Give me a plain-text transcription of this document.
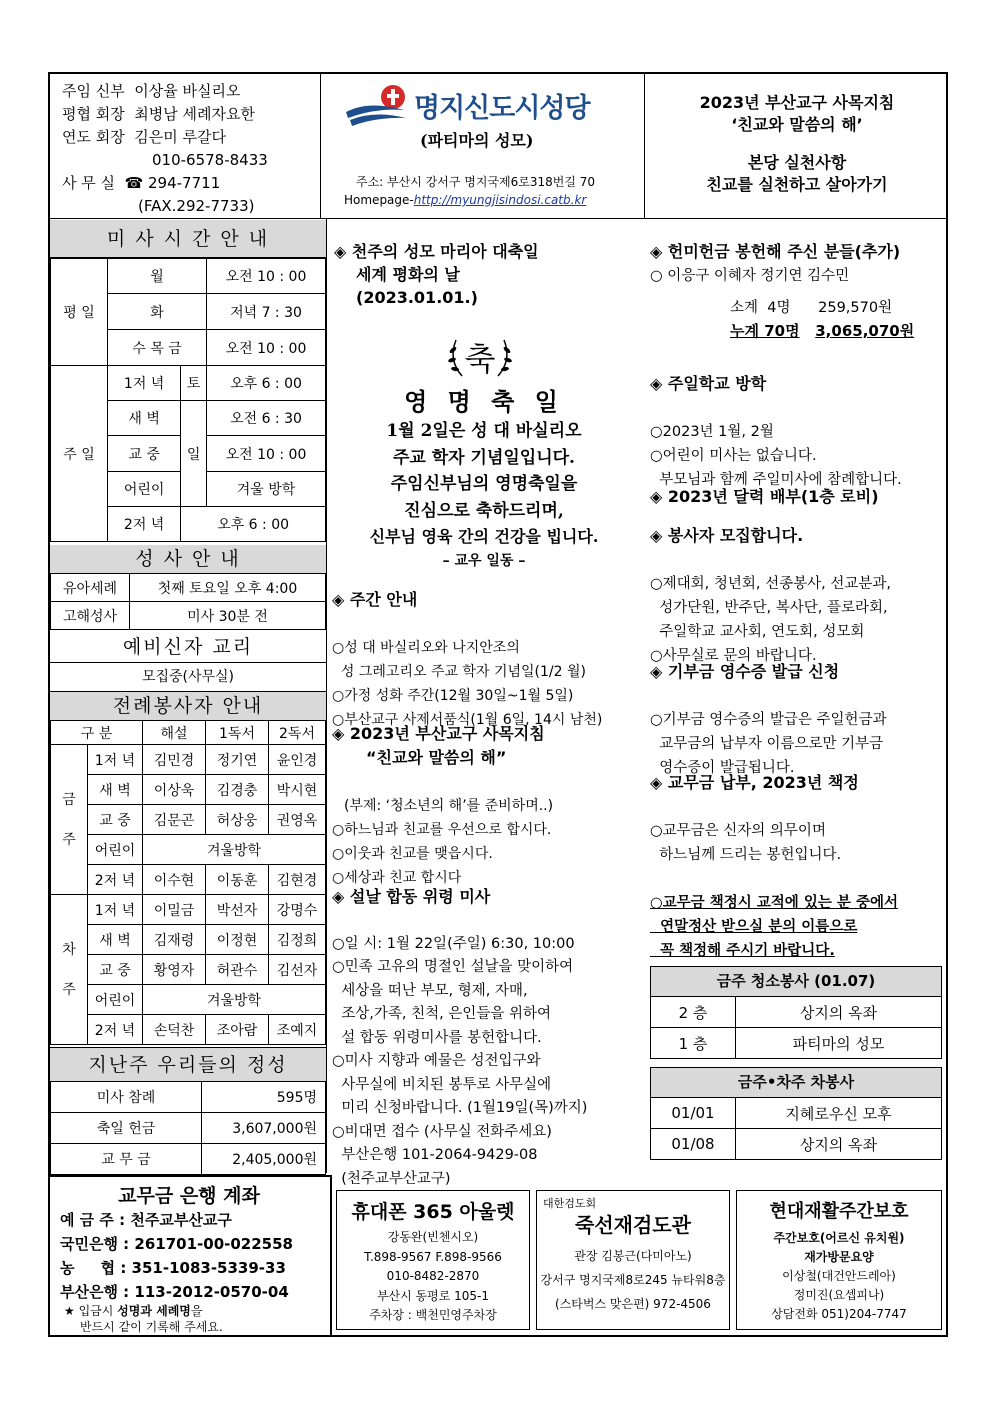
주임 신부 이상율 바실리오
평협 회장 최병남 세례자요한
연도 회장 김은미 루갈다
010-6578-8433
사 무 실 ☎ 294-7711
(FAX.292-7733)
명지신도시성당
(파티마의 성모)
주소: 부산시 강서구 명지국제6로318번길 70
Homepage-http://myungjisindosi.catb.kr
2023년 부산교구 사목지침
‘친교와 말씀의 해’
본당 실천사항
친교를 실천하고 살아가기
미 사 시 간 안 내
평 일	월		오전 10 : 00
	화		저녁 7 : 30
	수 목 금		오전 10 : 00
주 일	1저 녁	토	오후 6 : 00
	새 벽	일	오전 6 : 30
	교 중		오전 10 : 00
	어린이		겨울 방학
	2저 녁	오후 6 : 00	
성 사 안 내
유아세례	첫째 토요일 오후 4:00
고해성사	미사 30분 전
예비신자 교리
모집중(사무실)
전례봉사자 안내
구 분		해설	1독서	2독서
금
주	1저 녁	김민경	정기연	윤인경
	새 벽	이상욱	김경충	박시현
	교 중	김문곤	허상웅	권영옥
	어린이	겨울방학		
	2저 녁	이수현	이동훈	김현경
차
주	1저 녁	이밀금	박선자	강명수
	새 벽	김재령	이정현	김정희
	교 중	황영자	허관수	김선자
	어린이	겨울방학		
	2저 녁	손덕찬	조아람	조예지
지난주 우리들의 정성
미사 참례	595명
축일 헌금	3,607,000원
교 무 금	2,405,000원
교무금 은행 계좌
예 금 주 : 천주교부산교구
국민은행 : 261701-00-022558
농     협 : 351-1083-5339-33
부산은행 : 113-2012-0570-04
★ 입금시 성명과 세례명을
반드시 같이 기록해 주세요.
◈ 천주의 성모 마리아 대축일
세계 평화의 날
(2023.01.01.)
축
영 명 축 일
1월 2일은 성 대 바실리오
주교 학자 기념일입니다.
주임신부님의 영명축일을
진심으로 축하드리며,
신부님 영육 간의 건강을 빕니다.
– 교우 일동 –
◈ 주간 안내

○성 대 바실리오와 나지안조의
성 그레고리오 주교 학자 기념일(1/2 월)
○가정 성화 주간(12월 30일~1월 5일)
○부산교구 사제서품식(1월 6일, 14시 남천)
◈ 2023년 부산교구 사목지침
“친교와 말씀의 해”

(부제: ‘청소년의 해’를 준비하며..)
○하느님과 친교를 우선으로 합시다.
○이웃과 친교를 맺읍시다.
○세상과 친교 합시다
◈ 설날 합동 위령 미사

○일 시: 1월 22일(주일) 6:30, 10:00
○민족 고유의 명절인 설날을 맞이하여
세상을 떠난 부모, 형제, 자매,
조상,가족, 친척, 은인들을 위하여
설 합동 위령미사를 봉헌합니다.
○미사 지향과 예물은 성전입구와
사무실에 비치된 봉투로 사무실에
미리 신청바랍니다. (1월19일(목)까지)
○비대면 접수 (사무실 전화주세요)
부산은행 101-2064-9429-08
(천주교부산교구)
◈ 헌미헌금 봉헌해 주신 분들(추가)
○ 이응구 이혜자 정기연 김수민
소계  4명 259,570원
누계 70명 3,065,070원
◈ 주일학교 방학

○2023년 1월, 2월
○어린이 미사는 없습니다.
부모님과 함께 주일미사에 참례합니다.
◈ 2023년 달력 배부(1층 로비)
◈ 봉사자 모집합니다.

○제대회, 청년회, 선종봉사, 선교분과,
성가단원, 반주단, 복사단, 플로라회,
주일학교 교사회, 연도회, 성모회
○사무실로 문의 바랍니다.
◈ 기부금 영수증 발급 신청

○기부금 영수증의 발급은 주일헌금과
교무금의 납부자 이름으로만 기부금
영수증이 발급됩니다.
◈ 교무금 납부, 2023년 책정

○교무금은 신자의 의무이며
하느님께 드리는 봉헌입니다.

○교무금 책정시 교적에 있는 분 중에서
연말정산 받으실 분의 이름으로
꼭 책정해 주시기 바랍니다.
금주 청소봉사 (01.07)
2 층	상지의 옥좌
1 층	파티마의 성모
금주•차주 차봉사
01/01	지혜로우신 모후
01/08	상지의 옥좌
휴대폰 365 아울렛
강동완(빈첸시오)
T.898-9567 F.898-9566
010-8482-2870
부산시 동평로 105-1
주차장 : 백천민영주차장
대한검도회
죽선재검도관
관장 김봉근(다미아노)
강서구 명지국제8로245 뉴타워8층
(스타벅스 맞은편) 972-4506
현대재활주간보호
주간보호(어르신 유치원)
재가방문요양
이상철(대건안드레아)
정미진(요셉피나)
상담전화 051)204-7747
